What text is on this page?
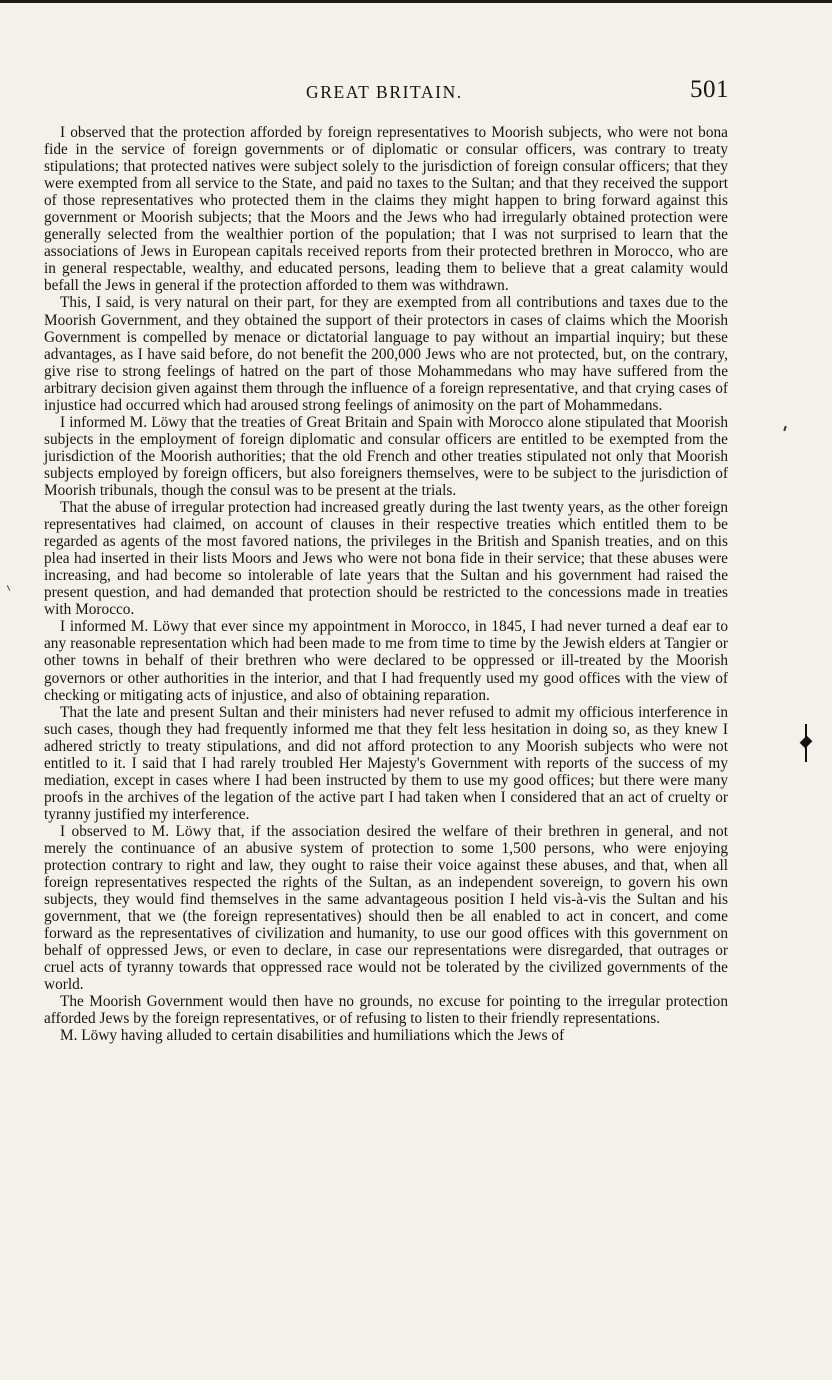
GREAT BRITAIN.	501

I observed that the protection afforded by foreign representatives to Moorish subjects, who were not bona fide in the service of foreign governments or of diplomatic or consular officers, was contrary to treaty stipulations; that protected natives were subject solely to the jurisdiction of foreign consular officers; that they were exempted from all service to the State, and paid no taxes to the Sultan; and that they received the support of those representatives who protected them in the claims they might happen to bring forward against this government or Moorish subjects; that the Moors and the Jews who had irregularly obtained protection were generally selected from the wealthier portion of the population; that I was not surprised to learn that the associations of Jews in European capitals received reports from their protected brethren in Morocco, who are in general respectable, wealthy, and educated persons, leading them to believe that a great calamity would befall the Jews in general if the protection afforded to them was withdrawn.

This, I said, is very natural on their part, for they are exempted from all contributions and taxes due to the Moorish Government, and they obtained the support of their protectors in cases of claims which the Moorish Government is compelled by menace or dictatorial language to pay without an impartial inquiry; but these advantages, as I have said before, do not benefit the 200,000 Jews who are not protected, but, on the contrary, give rise to strong feelings of hatred on the part of those Mohammedans who may have suffered from the arbitrary decision given against them through the influence of a foreign representative, and that crying cases of injustice had occurred which had aroused strong feelings of animosity on the part of Mohammedans.

I informed M. Löwy that the treaties of Great Britain and Spain with Morocco alone stipulated that Moorish subjects in the employment of foreign diplomatic and consular officers are entitled to be exempted from the jurisdiction of the Moorish authorities; that the old French and other treaties stipulated not only that Moorish subjects employed by foreign officers, but also foreigners themselves, were to be subject to the jurisdiction of Moorish tribunals, though the consul was to be present at the trials.

That the abuse of irregular protection had increased greatly during the last twenty years, as the other foreign representatives had claimed, on account of clauses in their respective treaties which entitled them to be regarded as agents of the most favored nations, the privileges in the British and Spanish treaties, and on this plea had inserted in their lists Moors and Jews who were not bona fide in their service; that these abuses were increasing, and had become so intolerable of late years that the Sultan and his government had raised the present question, and had demanded that protection should be restricted to the concessions made in treaties with Morocco.

I informed M. Löwy that ever since my appointment in Morocco, in 1845, I had never turned a deaf ear to any reasonable representation which had been made to me from time to time by the Jewish elders at Tangier or other towns in behalf of their brethren who were declared to be oppressed or ill-treated by the Moorish governors or other authorities in the interior, and that I had frequently used my good offices with the view of checking or mitigating acts of injustice, and also of obtaining reparation.

That the late and present Sultan and their ministers had never refused to admit my officious interference in such cases, though they had frequently informed me that they felt less hesitation in doing so, as they knew I adhered strictly to treaty stipulations, and did not afford protection to any Moorish subjects who were not entitled to it. I said that I had rarely troubled Her Majesty's Government with reports of the success of my mediation, except in cases where I had been instructed by them to use my good offices; but there were many proofs in the archives of the legation of the active part I had taken when I considered that an act of cruelty or tyranny justified my interference.

I observed to M. Löwy that, if the association desired the welfare of their brethren in general, and not merely the continuance of an abusive system of protection to some 1,500 persons, who were enjoying protection contrary to right and law, they ought to raise their voice against these abuses, and that, when all foreign representatives respected the rights of the Sultan, as an independent sovereign, to govern his own subjects, they would find themselves in the same advantageous position I held vis-à-vis the Sultan and his government, that we (the foreign representatives) should then be all enabled to act in concert, and come forward as the representatives of civilization and humanity, to use our good offices with this government on behalf of oppressed Jews, or even to declare, in case our representations were disregarded, that outrages or cruel acts of tyranny towards that oppressed race would not be tolerated by the civilized governments of the world.

The Moorish Government would then have no grounds, no excuse for pointing to the irregular protection afforded Jews by the foreign representatives, or of refusing to listen to their friendly representations.

M. Löwy having alluded to certain disabilities and humiliations which the Jews of
